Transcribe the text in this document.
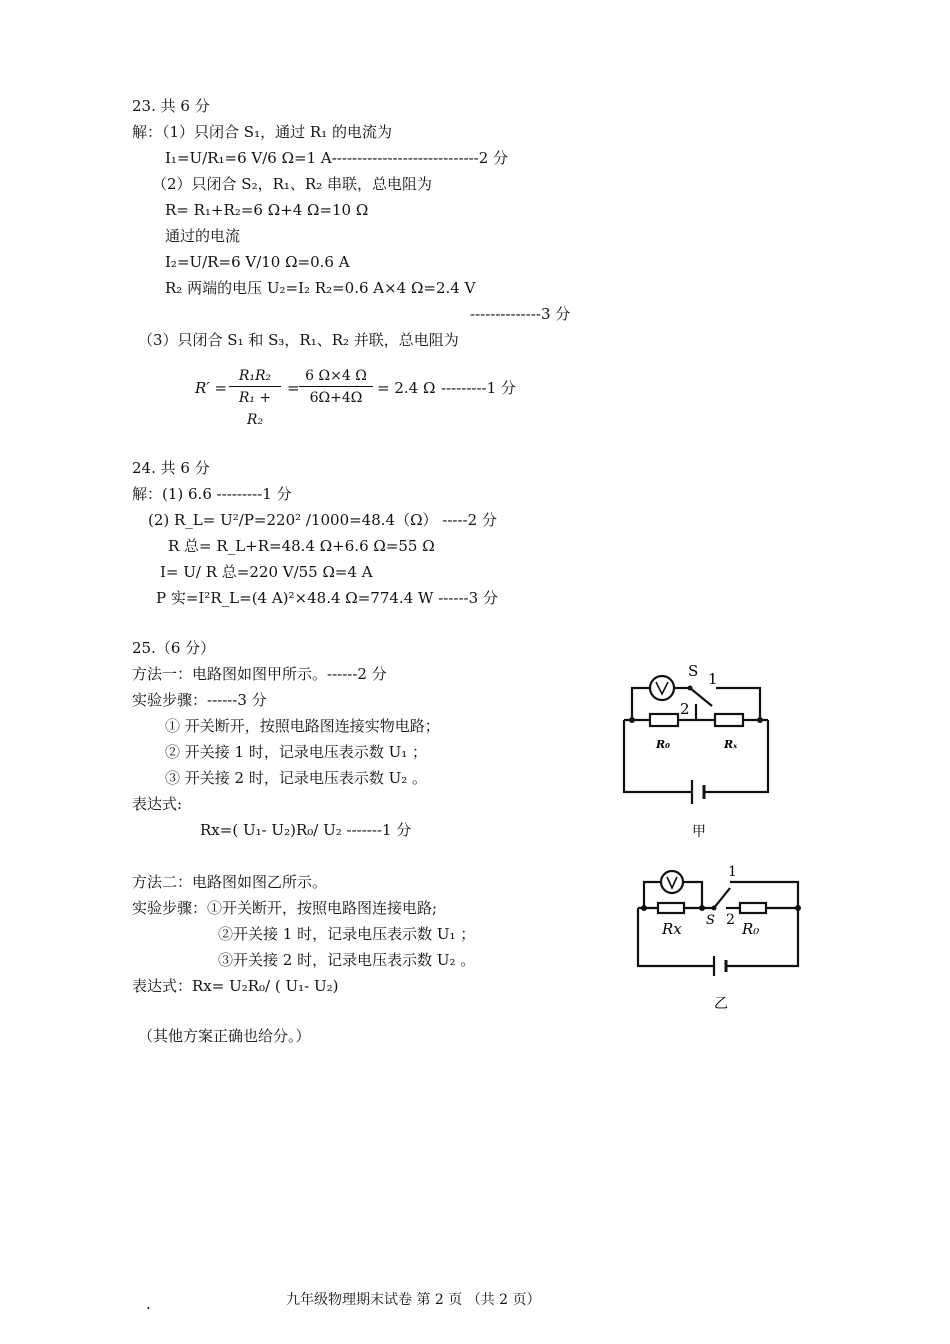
23. 共 6 分
解：（1）只闭合 S₁，通过 R₁ 的电流为
I₁=U/R₁=6 V/6 Ω=1 A-----------------------------2 分
（2）只闭合 S₂，R₁、R₂ 串联，总电阻为
R= R₁+R₂=6 Ω+4 Ω=10 Ω
通过的电流
I₂=U/R=6 V/10 Ω=0.6 A
R₂ 两端的电压 U₂=I₂ R₂=0.6 A×4 Ω=2.4 V
--------------3 分
（3）只闭合 S₁ 和 S₃，R₁、R₂ 并联，总电阻为
R′ =
R₁R₂
R₁ + R₂
=
6 Ω×4 Ω
6Ω+4Ω
= 2.4 Ω ---------1 分
24. 共 6 分
解：(1) 6.6 ---------1 分
(2) R_L= U²/P=220² /1000=48.4（Ω） -----2 分
R 总= R_L+R=48.4 Ω+6.6 Ω=55 Ω
I= U/ R 总=220 V/55 Ω=4 A
P 实=I²R_L=(4 A)²×48.4 Ω=774.4 W ------3 分
25.（6 分）
方法一：电路图如图甲所示。------2 分
实验步骤：------3 分
① 开关断开，按照电路图连接实物电路；
② 开关接 1 时，记录电压表示数 U₁ ；
③ 开关接 2 时，记录电压表示数 U₂ 。
表达式:
Rx=( U₁- U₂)R₀/ U₂ -------1 分
方法二：电路图如图乙所示。
实验步骤：①开关断开，按照电路图连接电路;
②开关接 1 时，记录电压表示数 U₁ ；
③开关接 2 时，记录电压表示数 U₂ 。
表达式：Rx= U₂R₀/ ( U₁- U₂)
（其他方案正确也给分。）
S 1
2
R₀	Rₓ
甲
1
S 2
Rx	R₀
乙
.	九年级物理期末试卷 第 2 页 （共 2 页）
